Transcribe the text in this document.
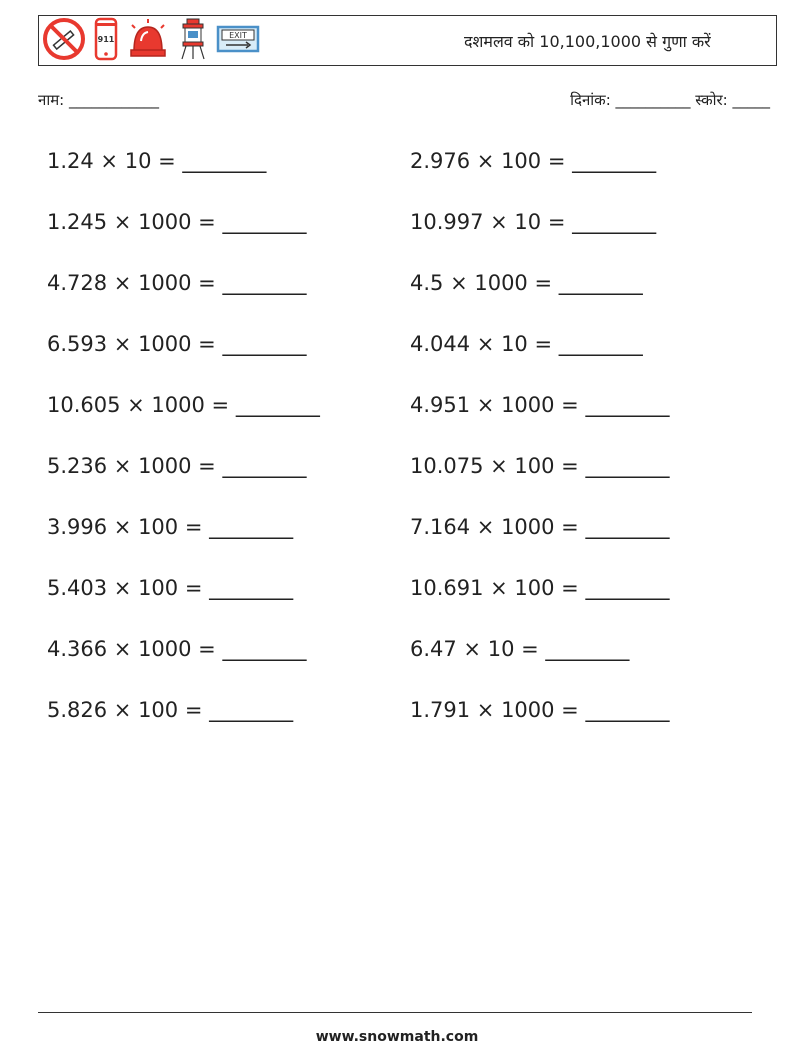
911	EXIT	दशमलव को 10,100,1000 से गुणा करें
नाम: ____________	दिनांक: __________ स्कोर: _____
1.24 × 10 = ________
1.245 × 1000 = ________
4.728 × 1000 = ________
6.593 × 1000 = ________
10.605 × 1000 = ________
5.236 × 1000 = ________
3.996 × 100 = ________
5.403 × 100 = ________
4.366 × 1000 = ________
5.826 × 100 = ________
2.976 × 100 = ________
10.997 × 10 = ________
4.5 × 1000 = ________
4.044 × 10 = ________
4.951 × 1000 = ________
10.075 × 100 = ________
7.164 × 1000 = ________
10.691 × 100 = ________
6.47 × 10 = ________
1.791 × 1000 = ________
www.snowmath.com
